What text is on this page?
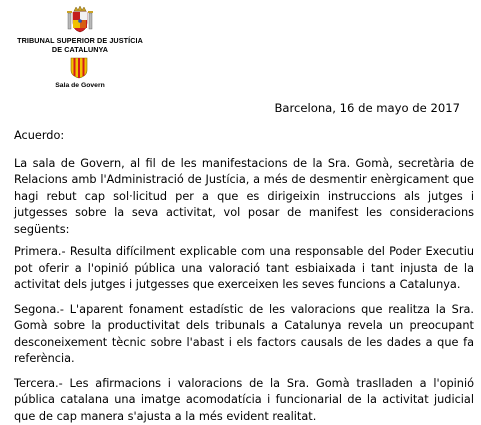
TRIBUNAL SUPERIOR DE JUSTÍCIA
DE CATALUNYA
Sala de Govern
Barcelona, 16 de mayo de 2017

Acuerdo:

La sala de Govern, al fil de les manifestacions de la Sra. Gomà, secretària de Relacions amb l'Administració de Justícia, a més de desmentir enèrgicament que hagi rebut cap sol·licitud per a que es dirigeixin instruccions als jutges i jutgesses sobre la seva activitat, vol posar de manifest les consideracions següents:

Primera.- Resulta difícilment explicable com una responsable del Poder Executiu pot oferir a l'opinió pública una valoració tant esbiaixada i tant injusta de la activitat dels jutges i jutgesses que exerceixen les seves funcions a Catalunya.

Segona.- L'aparent fonament estadístic de les valoracions que realitza la Sra. Gomà sobre la productivitat dels tribunals a Catalunya revela un preocupant desconeixement tècnic sobre l'abast i els factors causals de les dades a que fa referència.

Tercera.- Les afirmacions i valoracions de la Sra. Gomà traslladen a l'opinió pública catalana una imatge acomodatícia i funcionarial de la activitat judicial que de cap manera s'ajusta a la més evident realitat.
